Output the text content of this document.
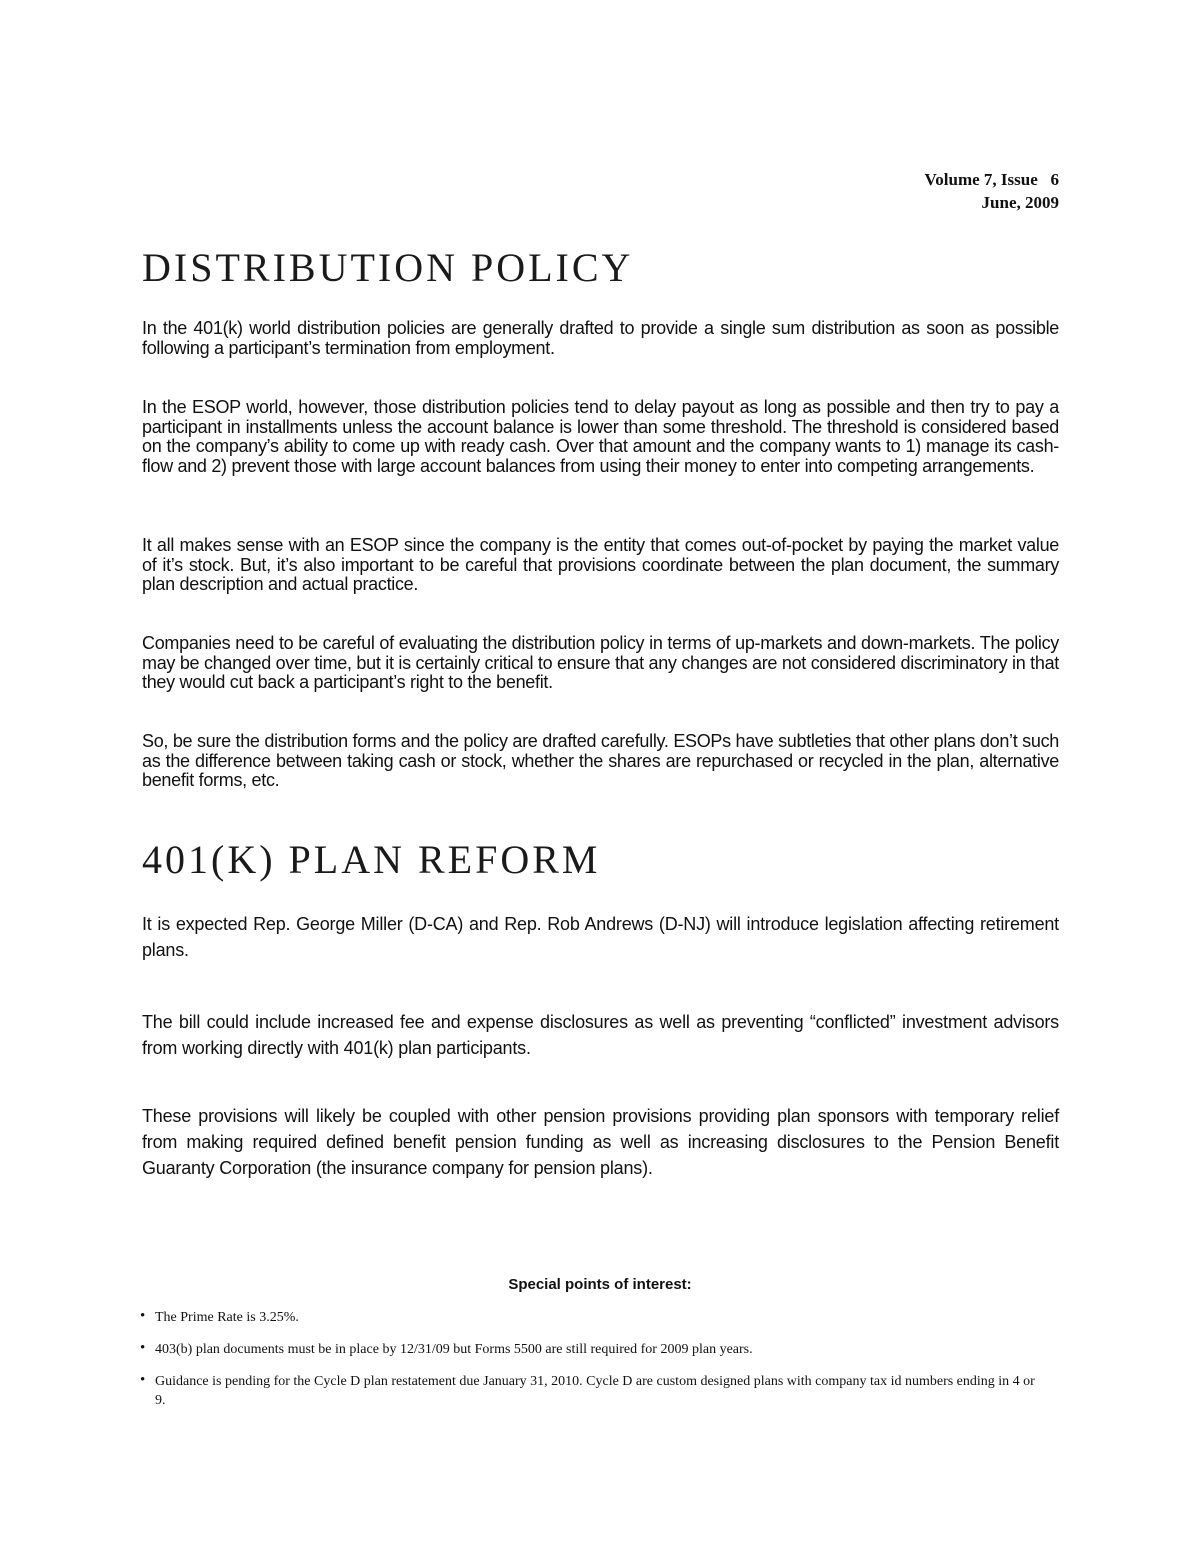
Volume 7, Issue   6
June, 2009
DISTRIBUTION POLICY

In the 401(k) world distribution policies are generally drafted to provide a single sum distribution as soon as possible following a participant’s termination from employment.

In the ESOP world, however, those distribution policies tend to delay payout as long as possible and then try to pay a participant in installments unless the account balance is lower than some threshold. The threshold is considered based on the company’s ability to come up with ready cash. Over that amount and the company wants to 1) manage its cash-flow and 2) prevent those with large account balances from using their money to enter into competing arrangements.

It all makes sense with an ESOP since the company is the entity that comes out-of-pocket by paying the market value of it’s stock. But, it’s also important to be careful that provisions coordinate between the plan document, the summary plan description and actual practice.

Companies need to be careful of evaluating the distribution policy in terms of up-markets and down-markets. The policy may be changed over time, but it is certainly critical to ensure that any changes are not considered discriminatory in that they would cut back a participant’s right to the benefit.

So, be sure the distribution forms and the policy are drafted carefully. ESOPs have subtleties that other plans don’t such as the difference between taking cash or stock, whether the shares are repurchased or recycled in the plan, alternative benefit forms, etc.

401(K) PLAN REFORM

It is expected Rep. George Miller (D-CA) and Rep. Rob Andrews (D-NJ) will introduce legislation affecting retirement plans.

The bill could include increased fee and expense disclosures as well as preventing “conflicted” investment advisors from working directly with 401(k) plan participants.

These provisions will likely be coupled with other pension provisions providing plan sponsors with temporary relief from making required defined benefit pension funding as well as increasing disclosures to the Pension Benefit Guaranty Corporation (the insurance company for pension plans).

Special points of interest:
• The Prime Rate is 3.25%.
• 403(b) plan documents must be in place by 12/31/09 but Forms 5500 are still required for 2009 plan years.
• Guidance is pending for the Cycle D plan restatement due January 31, 2010. Cycle D are custom designed plans with company tax id numbers ending in 4 or 9.
